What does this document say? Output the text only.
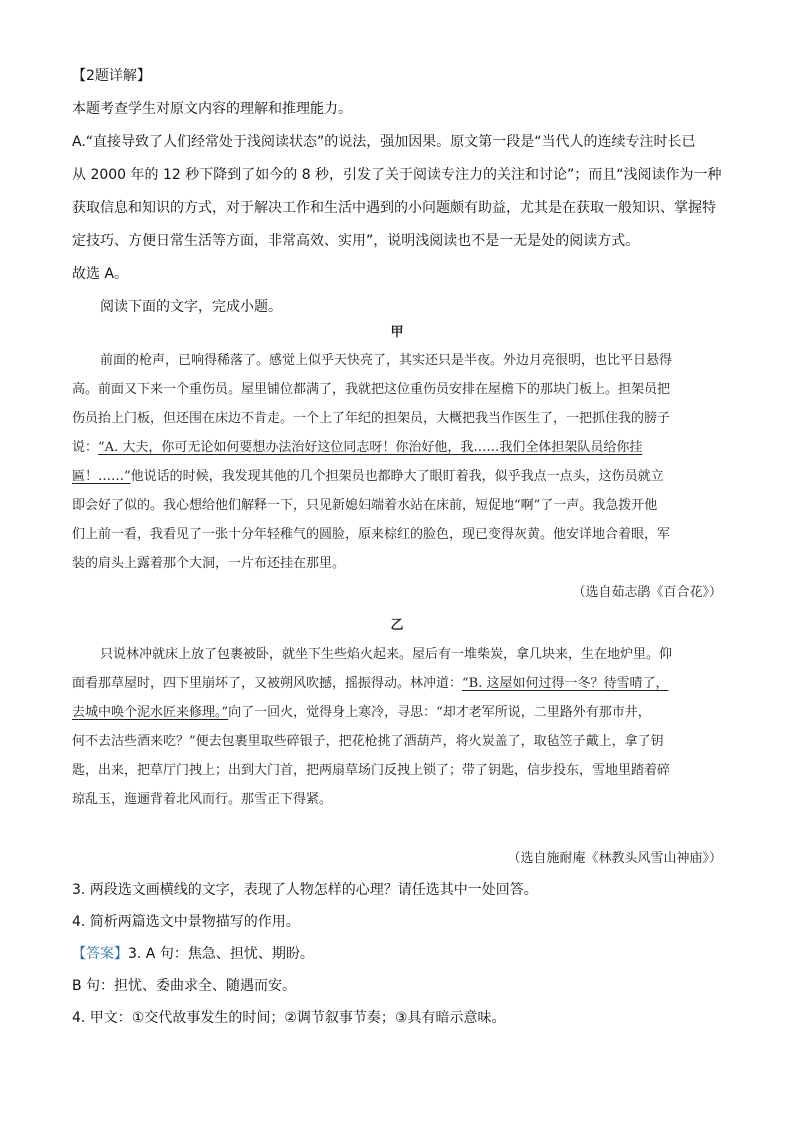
【2题详解】
本题考查学生对原文内容的理解和推理能力。
A.“直接导致了人们经常处于浅阅读状态”的说法，强加因果。原文第一段是“当代人的连续专注时长已
从 2000 年的 12 秒下降到了如今的 8 秒，引发了关于阅读专注力的关注和讨论”；而且“浅阅读作为一种
获取信息和知识的方式，对于解决工作和生活中遇到的小问题颇有助益，尤其是在获取一般知识、掌握特
定技巧、方便日常生活等方面，非常高效、实用”，说明浅阅读也不是一无是处的阅读方式。
故选 A。
阅读下面的文字，完成小题。
甲
前面的枪声，已响得稀落了。感觉上似乎天快亮了，其实还只是半夜。外边月亮很明，也比平日悬得
高。前面又下来一个重伤员。屋里铺位都满了，我就把这位重伤员安排在屋檐下的那块门板上。担架员把
伤员抬上门板，但还围在床边不肯走。一个上了年纪的担架员，大概把我当作医生了，一把抓住我的膀子
说：“A. 大夫，你可无论如何要想办法治好这位同志呀！你治好他，我……我们全体担架队员给你挂
匾！……”他说话的时候，我发现其他的几个担架员也都睁大了眼盯着我，似乎我点一点头，这伤员就立
即会好了似的。我心想给他们解释一下，只见新媳妇端着水站在床前，短促地“啊”了一声。我急拨开他
们上前一看，我看见了一张十分年轻稚气的圆脸，原来棕红的脸色，现已变得灰黄。他安详地合着眼，军
装的肩头上露着那个大洞，一片布还挂在那里。
（选自茹志鹃《百合花》）
乙
只说林冲就床上放了包裹被卧，就坐下生些焰火起来。屋后有一堆柴炭，拿几块来，生在地炉里。仰
面看那草屋时，四下里崩坏了，又被朔风吹撼，摇振得动。林冲道：“B. 这屋如何过得一冬？待雪晴了，
去城中唤个泥水匠来修理。”向了一回火，觉得身上寒冷，寻思：“却才老军所说，二里路外有那市井，
何不去沽些酒来吃？”便去包裹里取些碎银子，把花枪挑了酒葫芦，将火炭盖了，取毡笠子戴上，拿了钥
匙，出来，把草厅门拽上；出到大门首，把两扇草场门反拽上锁了；带了钥匙，信步投东，雪地里踏着碎
琼乱玉，迤逦背着北风而行。那雪正下得紧。
（选自施耐庵《林教头风雪山神庙》）
3. 两段选文画横线的文字，表现了人物怎样的心理？请任选其中一处回答。
4. 简析两篇选文中景物描写的作用。
【答案】3. A 句：焦急、担忧、期盼。
B 句：担忧、委曲求全、随遇而安。
4. 甲文：①交代故事发生的时间；②调节叙事节奏；③具有暗示意味。
